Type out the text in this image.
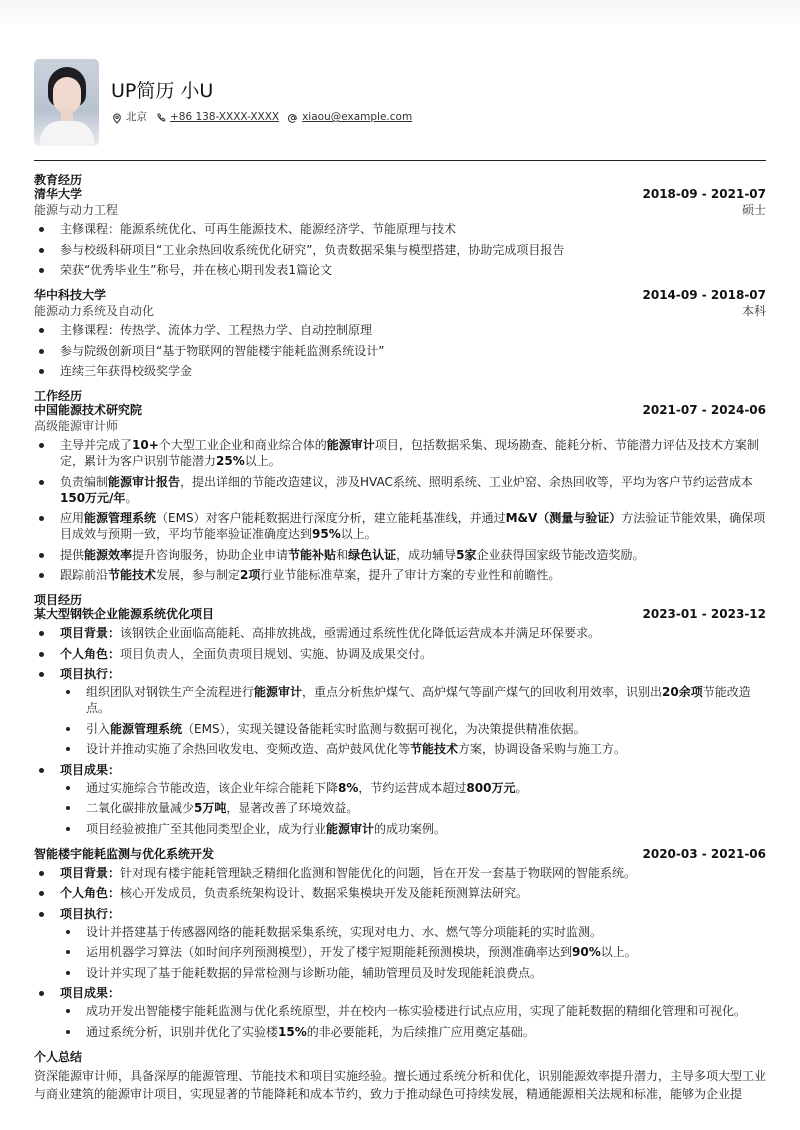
UP简历 小U
北京 +86 138-XXXX-XXXX xiaou@example.com
教育经历
清华大学	2018-09 - 2021-07
能源与动力工程	硕士
主修课程：能源系统优化、可再生能源技术、能源经济学、节能原理与技术
参与校级科研项目“工业余热回收系统优化研究”，负责数据采集与模型搭建，协助完成项目报告
荣获“优秀毕业生”称号，并在核心期刊发表1篇论文
华中科技大学	2014-09 - 2018-07
能源动力系统及自动化	本科
主修课程：传热学、流体力学、工程热力学、自动控制原理
参与院级创新项目“基于物联网的智能楼宇能耗监测系统设计”
连续三年获得校级奖学金
工作经历
中国能源技术研究院	2021-07 - 2024-06
高级能源审计师
主导并完成了10+个大型工业企业和商业综合体的能源审计项目，包括数据采集、现场勘查、能耗分析、节能潜力评估及技术方案制定，累计为客户识别节能潜力25%以上。
负责编制能源审计报告，提出详细的节能改造建议，涉及HVAC系统、照明系统、工业炉窑、余热回收等，平均为客户节约运营成本150万元/年。
应用能源管理系统（EMS）对客户能耗数据进行深度分析，建立能耗基准线，并通过M&V（测量与验证）方法验证节能效果，确保项目成效与预期一致，平均节能率验证准确度达到95%以上。
提供能源效率提升咨询服务，协助企业申请节能补贴和绿色认证，成功辅导5家企业获得国家级节能改造奖励。
跟踪前沿节能技术发展，参与制定2项行业节能标准草案，提升了审计方案的专业性和前瞻性。
项目经历
某大型钢铁企业能源系统优化项目	2023-01 - 2023-12
项目背景：该钢铁企业面临高能耗、高排放挑战，亟需通过系统性优化降低运营成本并满足环保要求。
个人角色：项目负责人，全面负责项目规划、实施、协调及成果交付。
项目执行：
组织团队对钢铁生产全流程进行能源审计，重点分析焦炉煤气、高炉煤气等副产煤气的回收利用效率，识别出20余项节能改造点。
引入能源管理系统（EMS），实现关键设备能耗实时监测与数据可视化，为决策提供精准依据。
设计并推动实施了余热回收发电、变频改造、高炉鼓风优化等节能技术方案，协调设备采购与施工方。
项目成果：
通过实施综合节能改造，该企业年综合能耗下降8%，节约运营成本超过800万元。
二氧化碳排放量减少5万吨，显著改善了环境效益。
项目经验被推广至其他同类型企业，成为行业能源审计的成功案例。
智能楼宇能耗监测与优化系统开发	2020-03 - 2021-06
项目背景：针对现有楼宇能耗管理缺乏精细化监测和智能优化的问题，旨在开发一套基于物联网的智能系统。
个人角色：核心开发成员，负责系统架构设计、数据采集模块开发及能耗预测算法研究。
项目执行：
设计并搭建基于传感器网络的能耗数据采集系统，实现对电力、水、燃气等分项能耗的实时监测。
运用机器学习算法（如时间序列预测模型），开发了楼宇短期能耗预测模块，预测准确率达到90%以上。
设计并实现了基于能耗数据的异常检测与诊断功能，辅助管理员及时发现能耗浪费点。
项目成果：
成功开发出智能楼宇能耗监测与优化系统原型，并在校内一栋实验楼进行试点应用，实现了能耗数据的精细化管理和可视化。
通过系统分析，识别并优化了实验楼15%的非必要能耗，为后续推广应用奠定基础。
个人总结
资深能源审计师，具备深厚的能源管理、节能技术和项目实施经验。擅长通过系统分析和优化，识别能源效率提升潜力，主导多项大型工业与商业建筑的能源审计项目，实现显著的节能降耗和成本节约，致力于推动绿色可持续发展，精通能源相关法规和标准，能够为企业提
